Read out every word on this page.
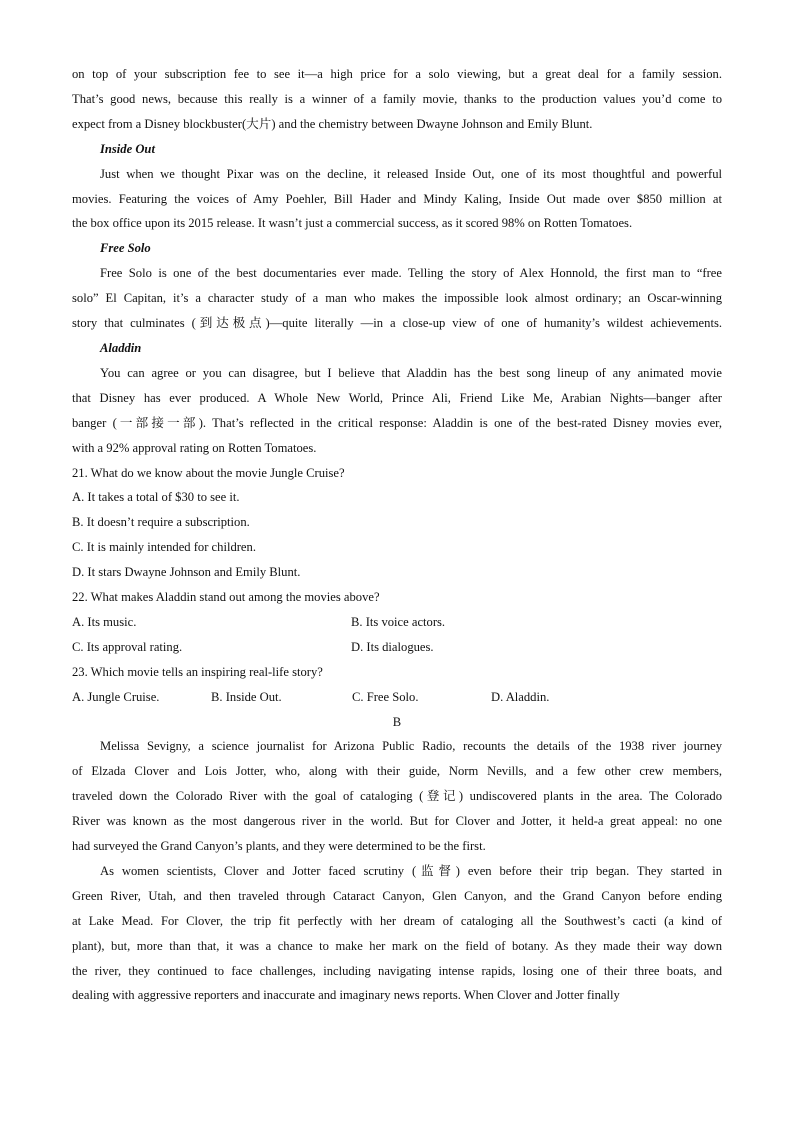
on top of your subscription fee to see it—a high price for a solo viewing, but a great deal for a family session.
That’s good news, because this really is a winner of a family movie, thanks to the production values you’d come to
expect from a Disney blockbuster(大片) and the chemistry between Dwayne Johnson and Emily Blunt.
Inside Out
Just when we thought Pixar was on the decline, it released Inside Out, one of its most thoughtful and powerful
movies. Featuring the voices of Amy Poehler, Bill Hader and Mindy Kaling, Inside Out made over $850 million at
the box office upon its 2015 release. It wasn’t just a commercial success, as it scored 98% on Rotten Tomatoes.
Free Solo
Free Solo is one of the best documentaries ever made. Telling the story of Alex Honnold, the first man to “free
solo” El Capitan, it’s a character study of a man who makes the impossible look almost ordinary; an Oscar-winning
story that culminates (到达极点)—quite literally —in a close-up view of one of humanity’s wildest achievements.
Aladdin
You can agree or you can disagree, but I believe that Aladdin has the best song lineup of any animated movie
that Disney has ever produced. A Whole New World, Prince Ali, Friend Like Me, Arabian Nights—banger after
banger (一部接一部). That’s reflected in the critical response: Aladdin is one of the best-rated Disney movies ever,
with a 92% approval rating on Rotten Tomatoes.
21. What do we know about the movie Jungle Cruise?
A. It takes a total of $30 to see it.
B. It doesn’t require a subscription.
C. It is mainly intended for children.
D. It stars Dwayne Johnson and Emily Blunt.
22. What makes Aladdin stand out among the movies above?
A. Its music.	B. Its voice actors.
C. Its approval rating.	D. Its dialogues.
23. Which movie tells an inspiring real-life story?
A. Jungle Cruise.	B. Inside Out.	C. Free Solo.	D. Aladdin.
B
Melissa Sevigny, a science journalist for Arizona Public Radio, recounts the details of the 1938 river journey
of Elzada Clover and Lois Jotter, who, along with their guide, Norm Nevills, and a few other crew members,
traveled down the Colorado River with the goal of cataloging (登记) undiscovered plants in the area. The Colorado
River was known as the most dangerous river in the world. But for Clover and Jotter, it held-a great appeal: no one
had surveyed the Grand Canyon’s plants, and they were determined to be the first.
As women scientists, Clover and Jotter faced scrutiny (监督) even before their trip began. They started in
Green River, Utah, and then traveled through Cataract Canyon, Glen Canyon, and the Grand Canyon before ending
at Lake Mead. For Clover, the trip fit perfectly with her dream of cataloging all the Southwest’s cacti (a kind of
plant), but, more than that, it was a chance to make her mark on the field of botany. As they made their way down
the river, they continued to face challenges, including navigating intense rapids, losing one of their three boats, and
dealing with aggressive reporters and inaccurate and imaginary news reports. When Clover and Jotter finally
